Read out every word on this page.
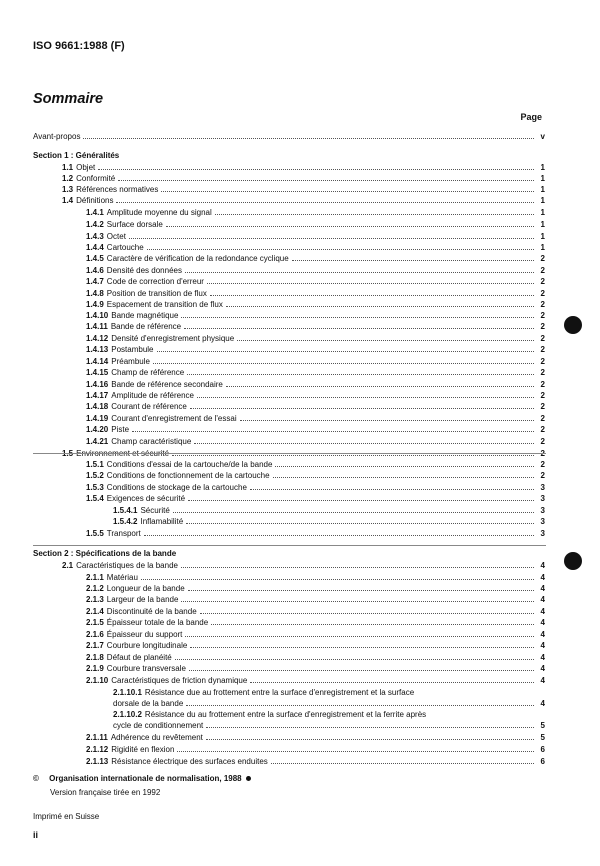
ISO 9661:1988 (F)
Sommaire
Page
Avant-propos	v
Section 1 : Généralités
1.1 Objet	1
1.2 Conformité	1
1.3 Références normatives	1
1.4 Définitions	1
1.4.1 Amplitude moyenne du signal	1
1.4.2 Surface dorsale	1
1.4.3 Octet	1
1.4.4 Cartouche	1
1.4.5 Caractère de vérification de la redondance cyclique	2
1.4.6 Densité des données	2
1.4.7 Code de correction d'erreur	2
1.4.8 Position de transition de flux	2
1.4.9 Espacement de transition de flux	2
1.4.10 Bande magnétique	2
1.4.11 Bande de référence	2
1.4.12 Densité d'enregistrement physique	2
1.4.13 Postambule	2
1.4.14 Préambule	2
1.4.15 Champ de référence	2
1.4.16 Bande de référence secondaire	2
1.4.17 Amplitude de référence	2
1.4.18 Courant de référence	2
1.4.19 Courant d'enregistrement de l'essai	2
1.4.20 Piste	2
1.4.21 Champ caractéristique	2
1.5 Environnement et sécurité	2
1.5.1 Conditions d'essai de la cartouche/de la bande	2
1.5.2 Conditions de fonctionnement de la cartouche	2
1.5.3 Conditions de stockage de la cartouche	3
1.5.4 Exigences de sécurité	3
1.5.4.1 Sécurité	3
1.5.4.2 Inflamabilité	3
1.5.5 Transport	3
Section 2 : Spécifications de la bande
2.1 Caractéristiques de la bande	4
2.1.1 Matériau	4
2.1.2 Longueur de la bande	4
2.1.3 Largeur de la bande	4
2.1.4 Discontinuité de la bande	4
2.1.5 Épaisseur totale de la bande	4
2.1.6 Épaisseur du support	4
2.1.7 Courbure longitudinale	4
2.1.8 Défaut de planéité	4
2.1.9 Courbure transversale	4
2.1.10 Caractéristiques de friction dynamique	4
2.1.10.1 Résistance due au frottement entre la surface d'enregistrement et la surface
dorsale de la bande	4
2.1.10.2 Résistance du au frottement entre la surface d'enregistrement et la ferrite après
cycle de conditionnement	5
2.1.11 Adhérence du revêtement	5
2.1.12 Rigidité en flexion	6
2.1.13 Résistance électrique des surfaces enduites	6
© Organisation internationale de normalisation, 1988
Version française tirée en 1992
Imprimé en Suisse
ii
